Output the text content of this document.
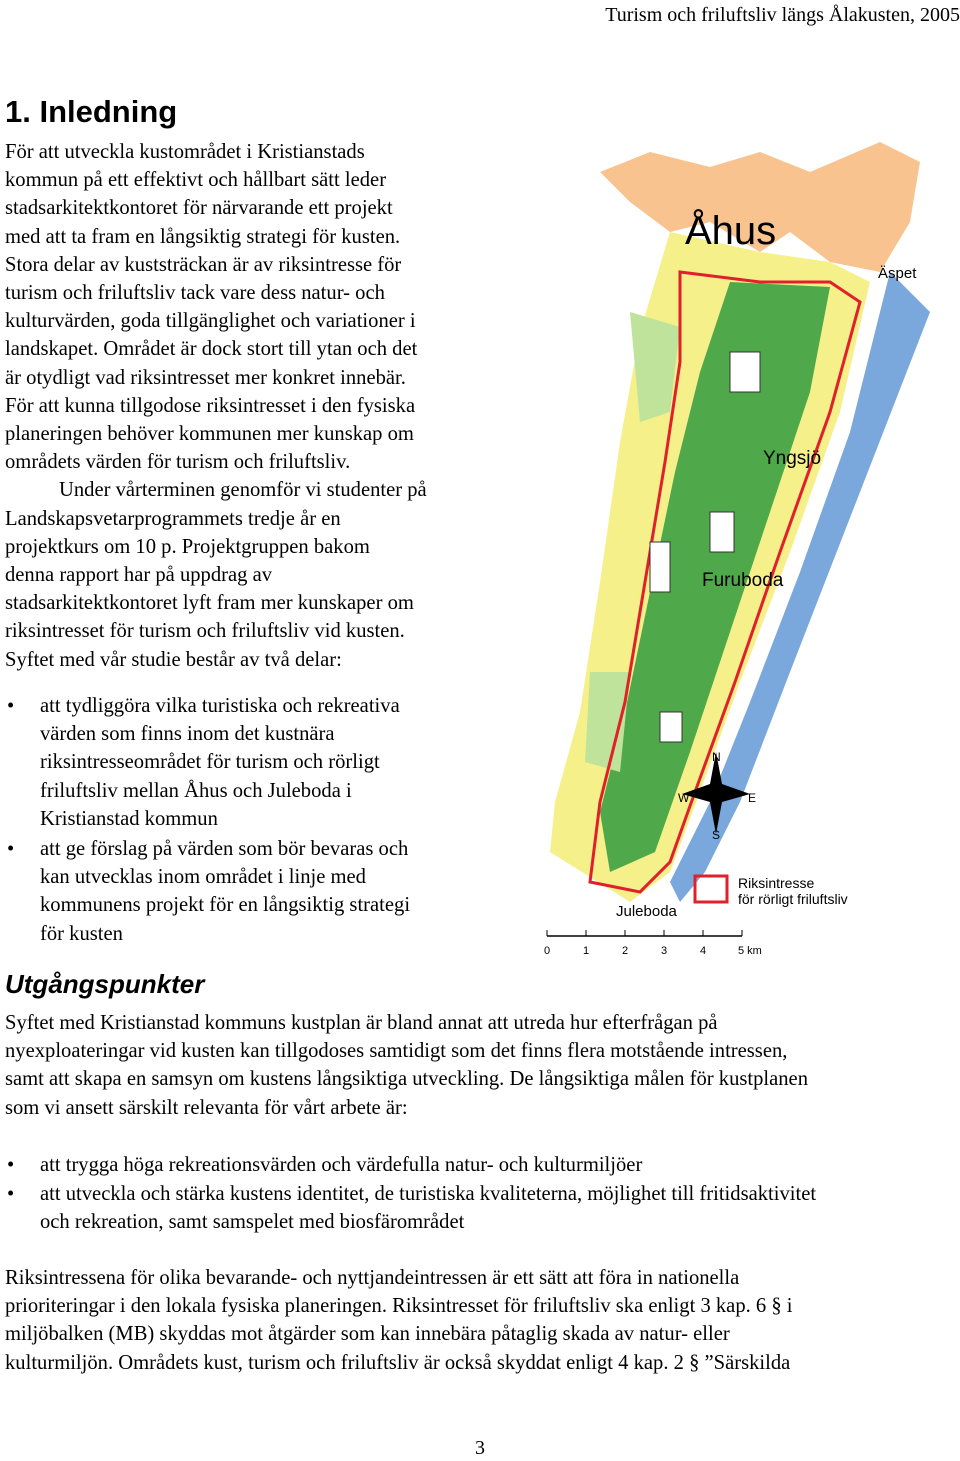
Turism och friluftsliv längs Ålakusten, 2005
1. Inledning

För att utveckla kustområdet i Kristianstads
kommun på ett effektivt och hållbart sätt leder
stadsarkitektkontoret för närvarande ett projekt
med att ta fram en långsiktig strategi för kusten.
Stora delar av kuststräckan är av riksintresse för
turism och friluftsliv tack vare dess natur- och
kulturvärden, goda tillgänglighet och variationer i
landskapet. Området är dock stort till ytan och det
är otydligt vad riksintresset mer konkret innebär.
För att kunna tillgodose riksintresset i den fysiska
planeringen behöver kommunen mer kunskap om
områdets värden för turism och friluftsliv.
Under vårterminen genomför vi studenter på
Landskapsvetarprogrammets tredje år en
projektkurs om 10 p. Projektgruppen bakom
denna rapport har på uppdrag av
stadsarkitektkontoret lyft fram mer kunskaper om
riksintresset för turism och friluftsliv vid kusten.
Syftet med vår studie består av två delar:

• att tydliggöra vilka turistiska och rekreativa
värden som finns inom det kustnära
riksintresseområdet för turism och rörligt
friluftsliv mellan Åhus och Juleboda i
Kristianstad kommun
• att ge förslag på värden som bör bevaras och
kan utvecklas inom området i linje med
kommunens projekt för en långsiktig strategi
för kusten
Åhus
Äspet
Yngsjö
Furuboda
Juleboda
N
S
W	E
Riksintresse
för rörligt friluftsliv
0	1	2	3	4	5 km
Utgångspunkter

Syftet med Kristianstad kommuns kustplan är bland annat att utreda hur efterfrågan på
nyexploateringar vid kusten kan tillgodoses samtidigt som det finns flera motstående intressen,
samt att skapa en samsyn om kustens långsiktiga utveckling. De långsiktiga målen för kustplanen
som vi ansett särskilt relevanta för vårt arbete är:

• att trygga höga rekreationsvärden och värdefulla natur- och kulturmiljöer
• att utveckla och stärka kustens identitet, de turistiska kvaliteterna, möjlighet till fritidsaktivitet
och rekreation, samt samspelet med biosfärområdet

Riksintressena för olika bevarande- och nyttjandeintressen är ett sätt att föra in nationella
prioriteringar i den lokala fysiska planeringen. Riksintresset för friluftsliv ska enligt 3 kap. 6 § i
miljöbalken (MB) skyddas mot åtgärder som kan innebära påtaglig skada av natur- eller
kulturmiljön. Områdets kust, turism och friluftsliv är också skyddat enligt 4 kap. 2 § ”Särskilda

3
